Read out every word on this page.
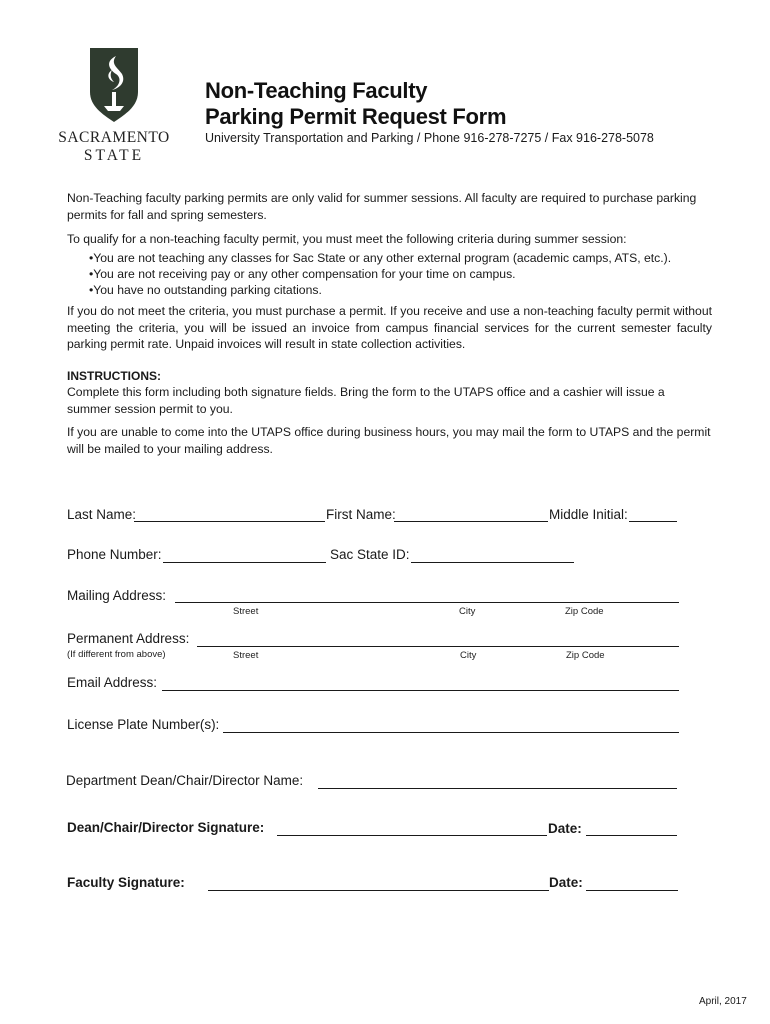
SACRAMENTO
STATE
Non-Teaching Faculty
Parking Permit Request Form
University Transportation and Parking / Phone 916-278-7275 / Fax 916-278-5078
Non-Teaching faculty parking permits are only valid for summer sessions. All faculty are required to purchase parking permits for fall and spring semesters.
To qualify for a non-teaching faculty permit, you must meet the following criteria during summer session:
•You are not teaching any classes for Sac State or any other external program (academic camps, ATS, etc.).
•You are not receiving pay or any other compensation for your time on campus.
•You have no outstanding parking citations.
If you do not meet the criteria, you must purchase a permit. If you receive and use a non-teaching faculty permit without meeting the criteria, you will be issued an invoice from campus financial services for the current semester faculty parking permit rate. Unpaid invoices will result in state collection activities.
INSTRUCTIONS:
Complete this form including both signature fields. Bring the form to the UTAPS office and a cashier will issue a summer session permit to you.
If you are unable to come into the UTAPS office during business hours, you may mail the form to UTAPS and the permit will be mailed to your mailing address.
Last Name:	First Name:	Middle Initial:
Phone Number:	Sac State ID:
Mailing Address:
Street	City	Zip Code
Permanent Address:
(If different from above)	Street	City	Zip Code
Email Address:
License Plate Number(s):
Department Dean/Chair/Director Name:
Dean/Chair/Director Signature:	Date:
Faculty Signature:	Date:
April, 2017
